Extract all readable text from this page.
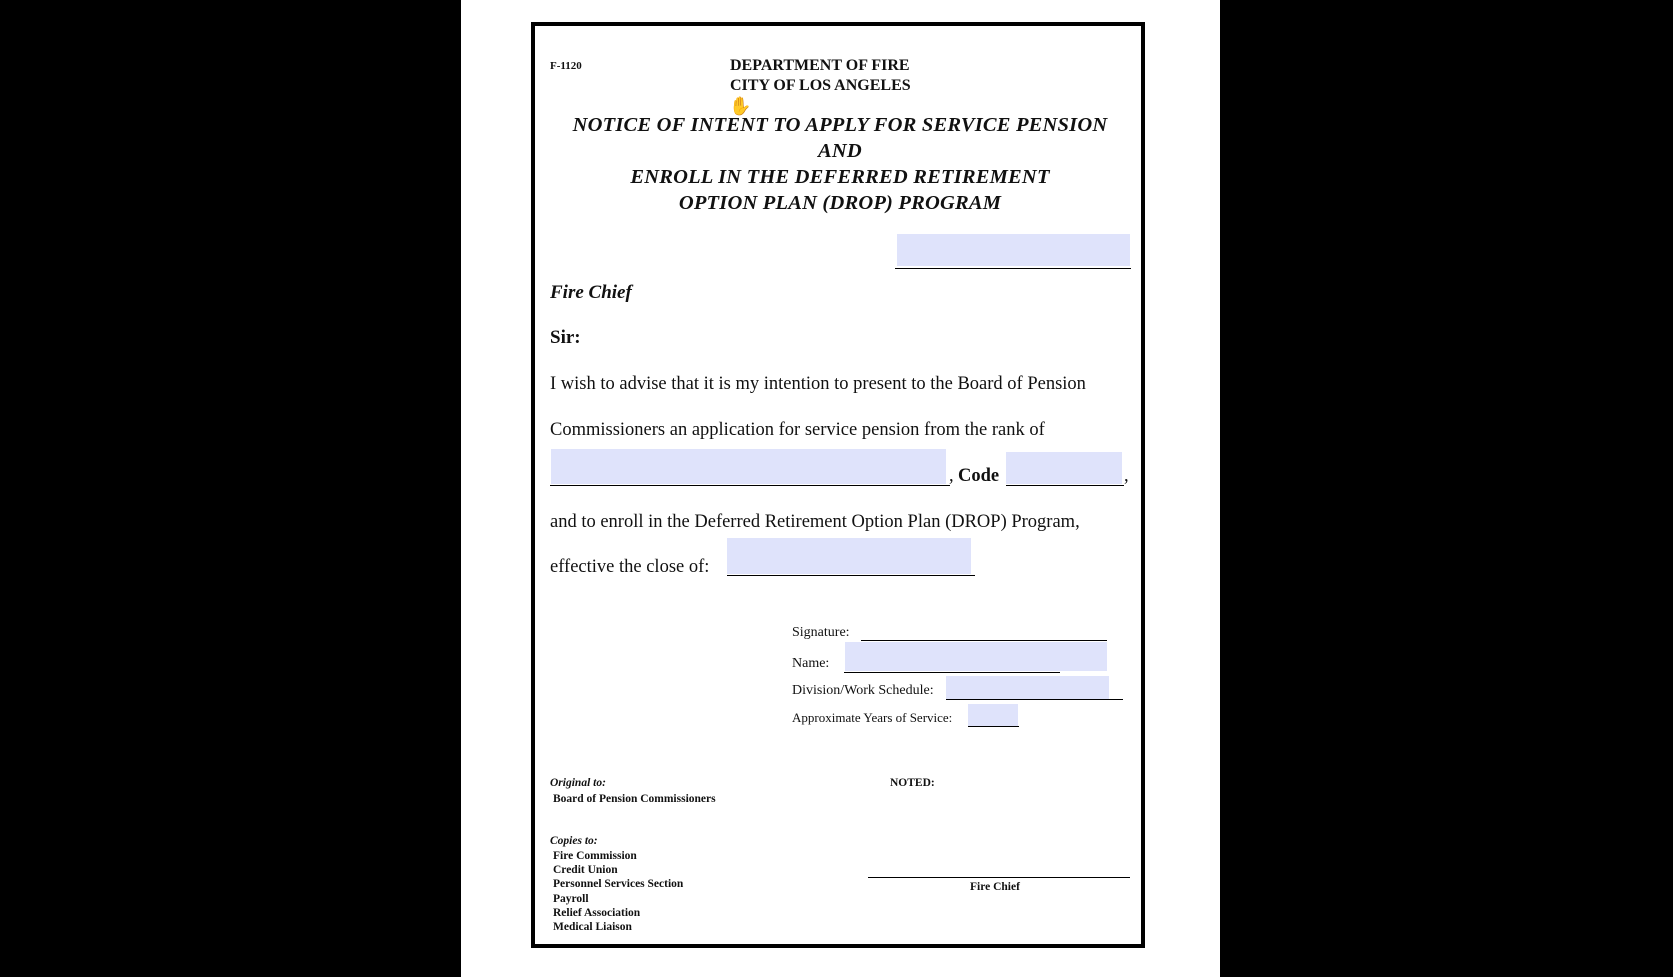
F-1120	DEPARTMENT OF FIRE
CITY OF LOS ANGELES
NOTICE OF INTENT TO APPLY FOR SERVICE PENSION
AND
ENROLL IN THE DEFERRED RETIREMENT
OPTION PLAN (DROP) PROGRAM
Fire Chief
Sir:
I wish to advise that it is my intention to present to the Board of Pension
Commissioners an application for service pension from the rank of
, Code	,
and to enroll in the Deferred Retirement Option Plan (DROP) Program,
effective the close of:
Signature:
Name:
Division/Work Schedule:
Approximate Years of Service:
Original to:
Board of Pension Commissioners
NOTED:
Fire Chief
Copies to:
Fire Commission
Credit Union
Personnel Services Section
Payroll
Relief Association
Medical Liaison
✋
